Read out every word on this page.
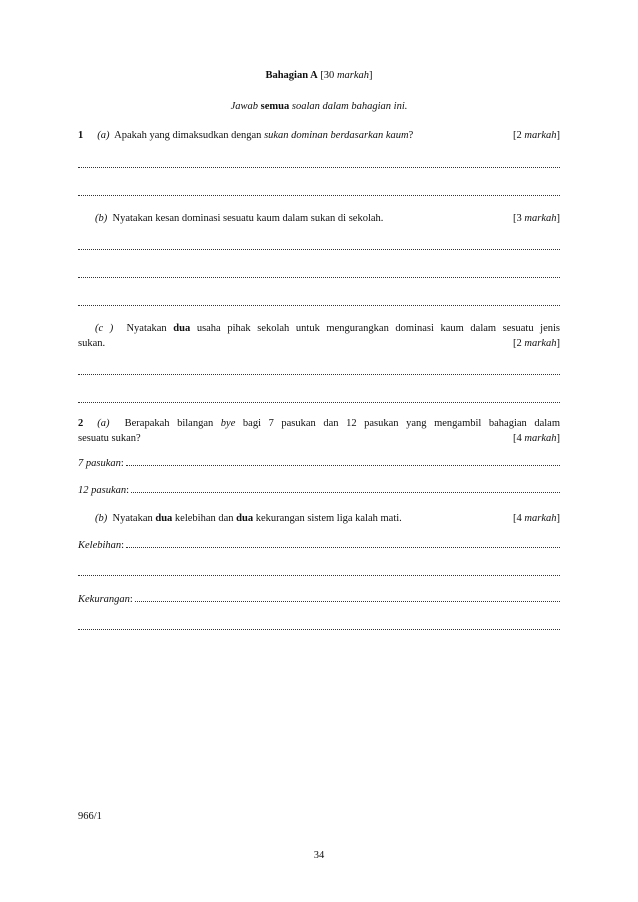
Bahagian A [30 markah]
Jawab semua soalan dalam bahagian ini.
1 (a) Apakah yang dimaksudkan dengan sukan dominan berdasarkan kaum?	[2 markah]
(b) Nyatakan kesan dominasi sesuatu kaum dalam sukan di sekolah.	[3 markah]
(c ) Nyatakan dua usaha pihak sekolah untuk mengurangkan dominasi kaum dalam sesuatu jenis
sukan.	[2 markah]
2 (a) Berapakah bilangan bye bagi 7 pasukan dan 12 pasukan yang mengambil bahagian dalam
sesuatu sukan?	[4 markah]
7 pasukan :
12 pasukan :
(b) Nyatakan dua kelebihan dan dua kekurangan sistem liga kalah mati.	[4 markah]
Kelebihan :
Kekurangan :
966/1
34
